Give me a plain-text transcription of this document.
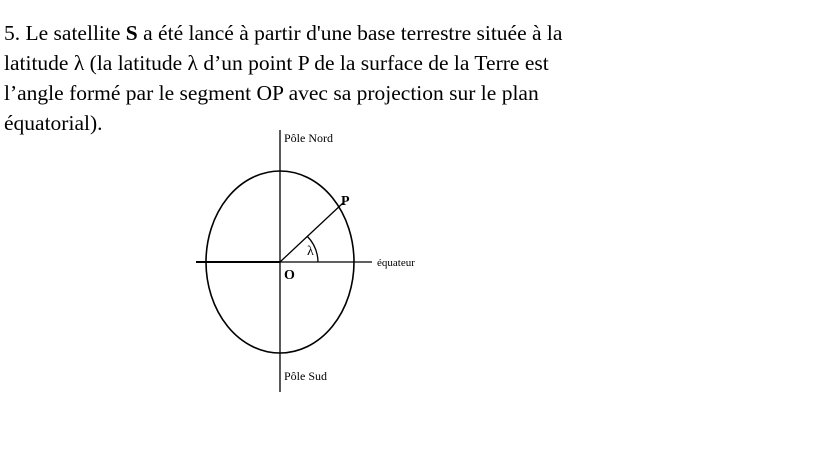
5. Le satellite S a été lancé à partir d'une base terrestre située à la
latitude λ (la latitude λ d’un point P de la surface de la Terre est
l’angle formé par le segment OP avec sa projection sur le plan
équatorial).
Pôle Nord
Pôle Sud
équateur
P
O
λ
